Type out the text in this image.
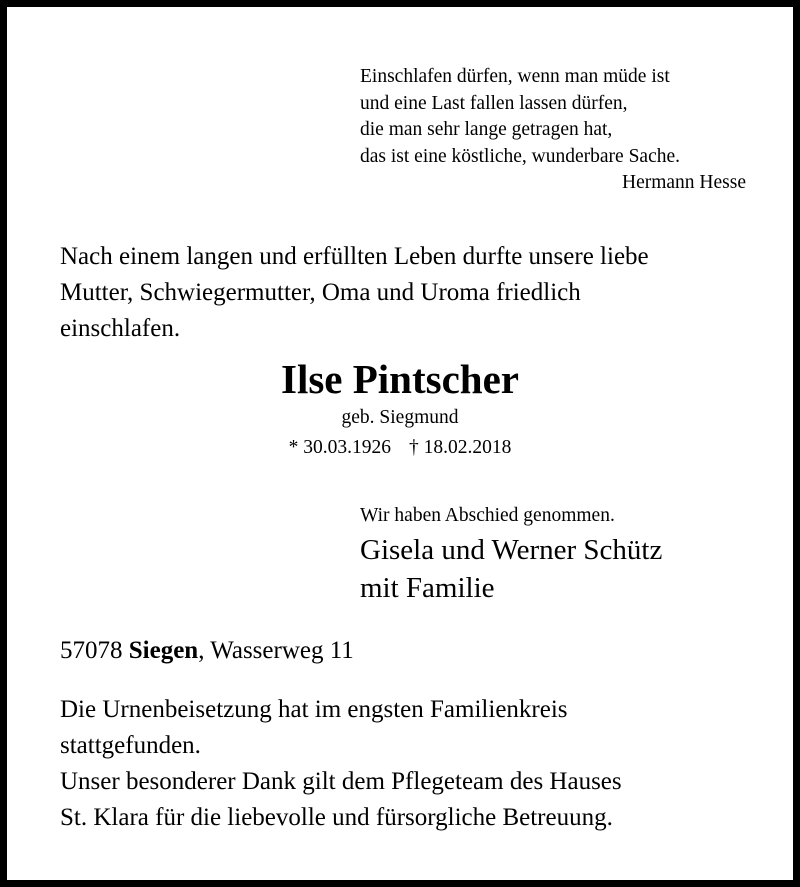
Einschlafen dürfen, wenn man müde ist
und eine Last fallen lassen dürfen,
die man sehr lange getragen hat,
das ist eine köstliche, wunderbare Sache.
Hermann Hesse
Nach einem langen und erfüllten Leben durfte unsere liebe
Mutter, Schwiegermutter, Oma und Uroma friedlich
einschlafen.
Ilse Pintscher
geb. Siegmund
* 30.03.1926 † 18.02.2018
Wir haben Abschied genommen.
Gisela und Werner Schütz
mit Familie
57078 Siegen, Wasserweg 11
Die Urnenbeisetzung hat im engsten Familienkreis
stattgefunden.
Unser besonderer Dank gilt dem Pflegeteam des Hauses
St. Klara für die liebevolle und fürsorgliche Betreuung.
